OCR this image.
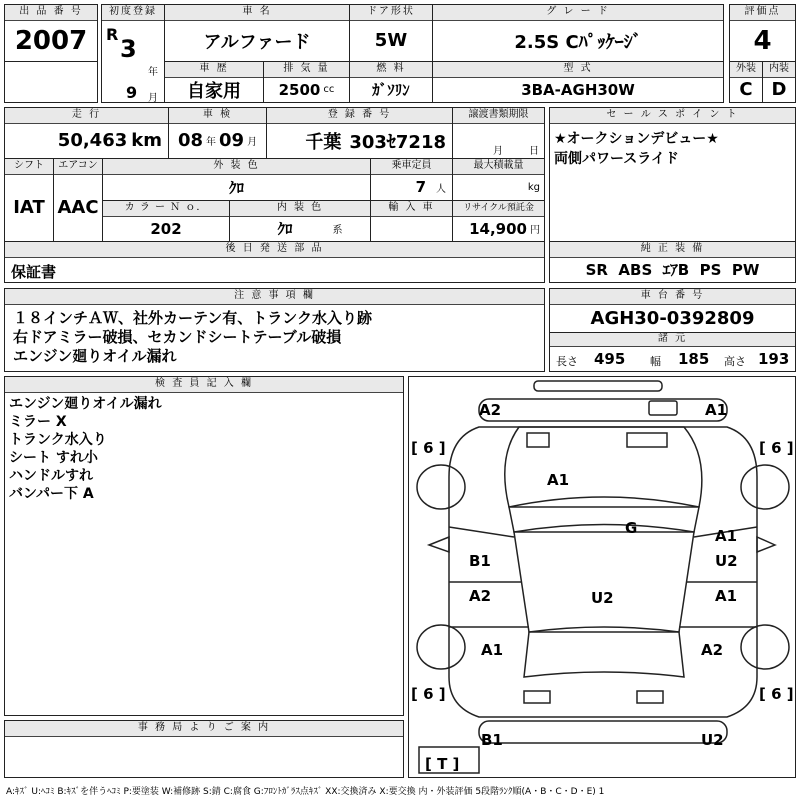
出 品 番 号
2007
初度登録
R
3
年
9 月
車 名
アルファード
車 歴
自家用
排 気 量
2500 cc
ドア形状
5W
燃 料
ｶﾞｿﾘﾝ
グ レ ー ド
2.5S Cﾊﾟｯｹｰｼﾞ
型 式
3BA-AGH30W
評価点
4
外装
C
内装
D
走 行
50,463 km
車 検
08 年 09 月
登 録 番 号
千葉 303ｾ7218
譲渡書類期限
月	日
シフト
IAT
エアコン
AAC
外 装 色
ｸﾛ
乗車定員
7 人
最大積載量
kg
カ ラ ー Ｎ ｏ．
202
内 装 色
ｸﾛ	系
輸 入 車	リサイクル預託金
14,900 円
後 日 発 送 部 品
保証書
セ ー ル ス ポ イ ン ト
★オークションデビュー★
両側パワースライド
純 正 装 備
SR  ABS  ｴｱB  PS  PW
注 意 事 項 欄
１８インチＡＷ、社外カーテン有、トランク水入り跡
右ドアミラー破損、セカンドシートテーブル破損
エンジン廻りオイル漏れ
車 台 番 号
AGH30-0392809
諸 元
長さ 495 幅 185 高さ 193
検 査 員 記 入 欄
エンジン廻りオイル漏れ
ミラー X
トランク水入り
シート すれ小
ハンドルすれ
バンパー下 A
事 務 局 よ り ご 案 内
A2	A1
[ 6 ]	[ 6 ]
A1
G
B1
A1
U2
A2	U2	A1
A1	A2
[ 6 ]	[ 6 ]
B1	U2
[ T ]
A:ｷｽﾞ U:ﾍｺﾐ B:ｷｽﾞを伴うﾍｺﾐ P:要塗装 W:補修跡 S:錆 C:腐食 G:ﾌﾛﾝﾄｶﾞﾗｽ点ｷｽﾞ XX:交換済み X:要交換 内・外装評価 5段階ﾗﾝｸ順(A・B・C・D・E) 1
